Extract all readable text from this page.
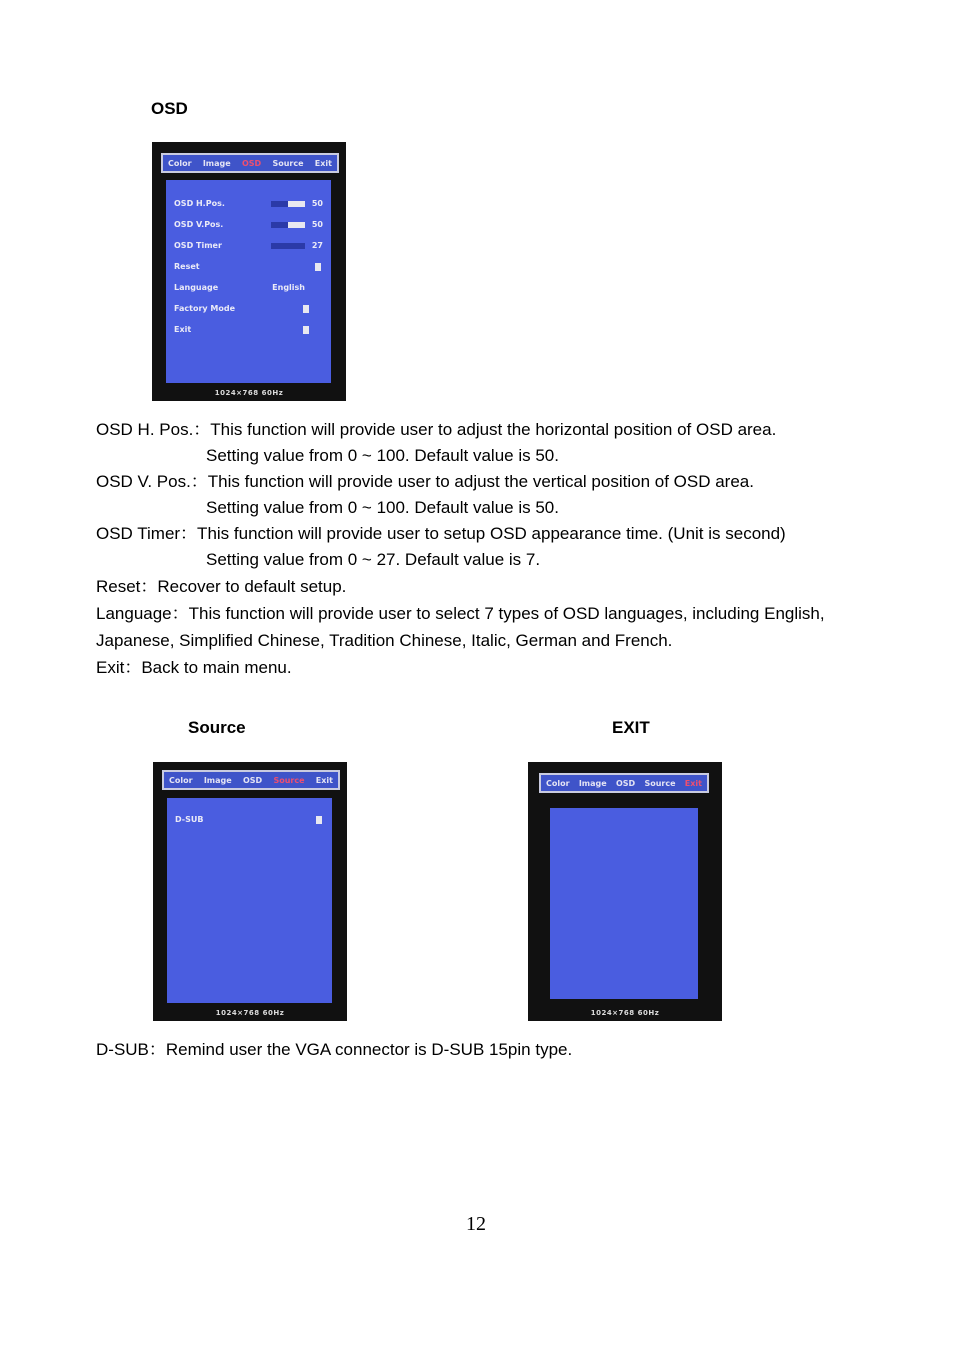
OSD
Color Image OSD Source Exit
OSD H.Pos.	50
OSD V.Pos.	50
OSD Timer	27
Reset
Language	English
Factory Mode
Exit
1024×768 60Hz
OSD H. Pos.：This function will provide user to adjust the horizontal position of OSD area.
Setting value from 0 ~ 100. Default value is 50.
OSD V. Pos.：This function will provide user to adjust the vertical position of OSD area.
Setting value from 0 ~ 100. Default value is 50.
OSD Timer：This function will provide user to setup OSD appearance time. (Unit is second)
Setting value from 0 ~ 27. Default value is 7.
Reset：Recover to default setup.
Language：This function will provide user to select 7 types of OSD languages, including English,
Japanese, Simplified Chinese, Tradition Chinese, Italic, German and French.
Exit：Back to main menu.
Source	EXIT
Color Image OSD Source Exit
D-SUB
1024×768 60Hz
Color Image OSD Source Exit
1024×768 60Hz
D-SUB：Remind user the VGA connector is D-SUB 15pin type.
12
